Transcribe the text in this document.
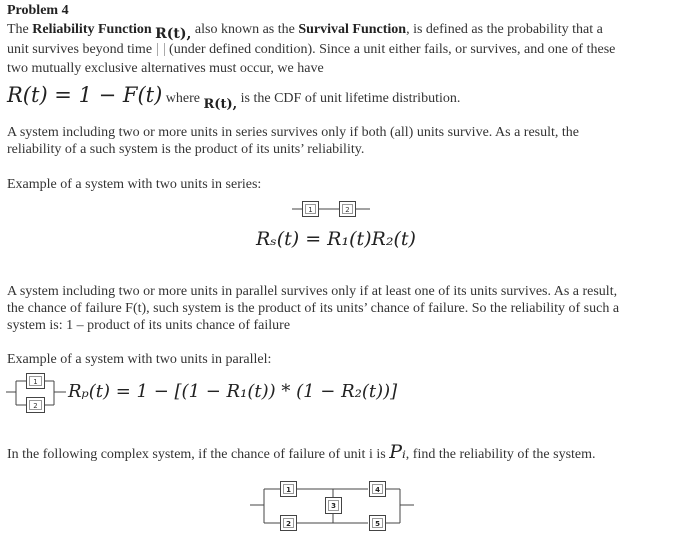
Problem 4
The Reliability Function R(t), also known as the Survival Function, is defined as the probability that a
unit survives beyond time  (under defined condition). Since a unit either fails, or survives, and one of these
two mutually exclusive alternatives must occur, we have
R(t) = 1 − F(t) where R(t), is the CDF of unit lifetime distribution.
A system including two or more units in series survives only if both (all) units survive. As a result, the
reliability of a such system is the product of its units’ reliability.
Example of a system with two units in series:
1	2
Rₛ(t) = R₁(t)R₂(t)
A system including two or more units in parallel survives only if at least one of its units survives. As a result,
the chance of failure F(t), such system is the product of its units’ chance of failure. So the reliability of such a
system is: 1 – product of its units chance of failure
Example of a system with two units in parallel:
1
2
Rₚ(t) = 1 − [(1 − R₁(t)) * (1 − R₂(t))]
In the following complex system, if the chance of failure of unit i is Pᵢ, find the reliability of the system.
1
2
3
4
5
